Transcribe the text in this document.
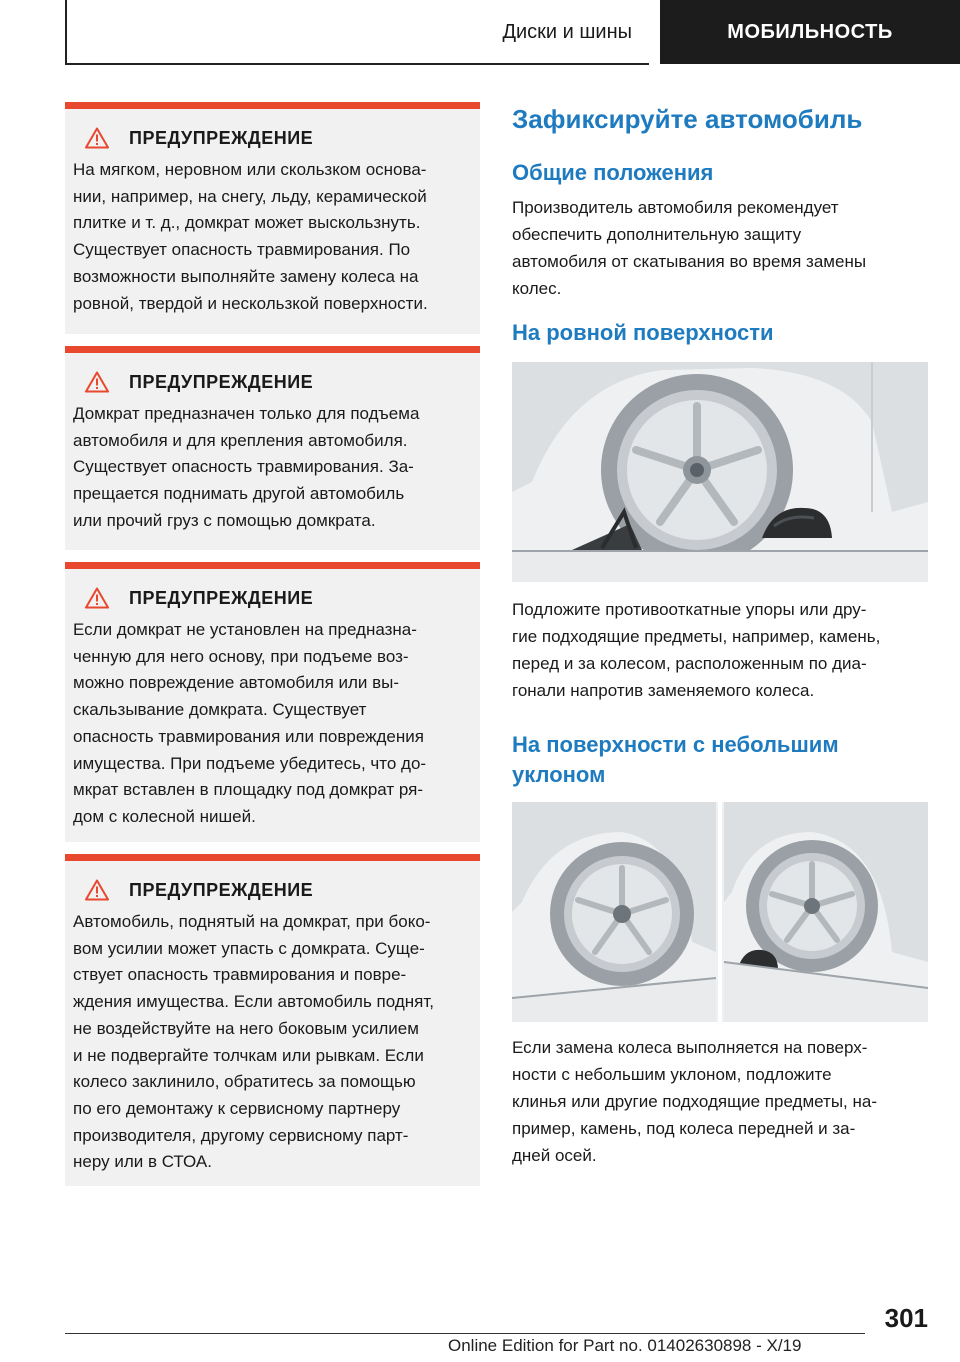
Диски и шины	МОБИЛЬНОСТЬ
ПРЕДУПРЕЖДЕНИЕ

На мягком, неровном или скользком основа-
нии, например, на снегу, льду, керамической
плитке и т. д., домкрат может выскользнуть.
Существует опасность травмирования. По
возможности выполняйте замену колеса на
ровной, твердой и нескользкой поверхности.

ПРЕДУПРЕЖДЕНИЕ

Домкрат предназначен только для подъема
автомобиля и для крепления автомобиля.
Существует опасность травмирования. За-
прещается поднимать другой автомобиль
или прочий груз с помощью домкрата.

ПРЕДУПРЕЖДЕНИЕ

Если домкрат не установлен на предназна-
ченную для него основу, при подъеме воз-
можно повреждение автомобиля или вы-
скальзывание домкрата. Существует
опасность травмирования или повреждения
имущества. При подъеме убедитесь, что до-
мкрат вставлен в площадку под домкрат ря-
дом с колесной нишей.

ПРЕДУПРЕЖДЕНИЕ

Автомобиль, поднятый на домкрат, при боко-
вом усилии может упасть с домкрата. Суще-
ствует опасность травмирования и повре-
ждения имущества. Если автомобиль поднят,
не воздействуйте на него боковым усилием
и не подвергайте толчкам или рывкам. Если
колесо заклинило, обратитесь за помощью
по его демонтажу к сервисному партнеру
производителя, другому сервисному парт-
неру или в СТОА.

Зафиксируйте автомобиль
Общие положения

Производитель автомобиля рекомендует
обеспечить дополнительную защиту
автомобиля от скатывания во время замены
колес.

На ровной поверхности

Подложите противооткатные упоры или дру-
гие подходящие предметы, например, камень,
перед и за колесом, расположенным по диа-
гонали напротив заменяемого колеса.

На поверхности с небольшим
уклоном

Если замена колеса выполняется на поверх-
ности с небольшим уклоном, подложите
клинья или другие подходящие предметы, на-
пример, камень, под колеса передней и за-
дней осей.

301
Online Edition for Part no. 01402630898 - X/19
